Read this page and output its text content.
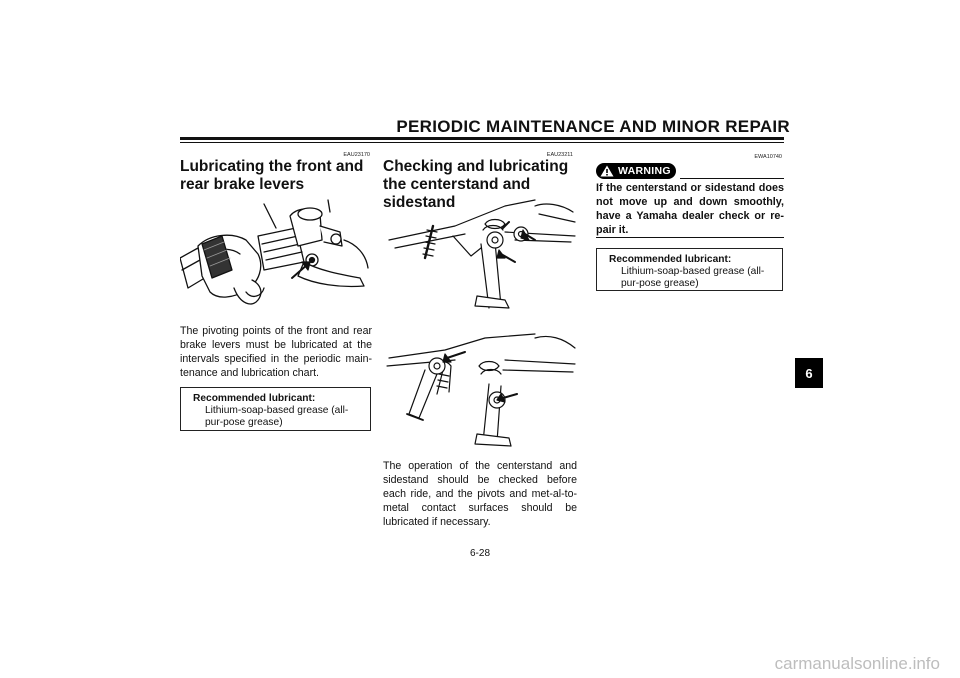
PERIODIC MAINTENANCE AND MINOR REPAIR
EAU23170
Lubricating the front and rear brake levers
The pivoting points of the front and rear brake levers must be lubricated at the intervals specified in the periodic main-tenance and lubrication chart.
Recommended lubricant:
Lithium-soap-based grease (all-pur-pose grease)
EAU23211
Checking and lubricating the centerstand and sidestand
The operation of the centerstand and sidestand should be checked before each ride, and the pivots and met-al-to-metal contact surfaces should be lubricated if necessary.
EWA10740
WARNING
If the centerstand or sidestand does not move up and down smoothly, have a Yamaha dealer check or re-pair it.
Recommended lubricant:
Lithium-soap-based grease (all-pur-pose grease)
6
6-28
carmanualsonline.info
